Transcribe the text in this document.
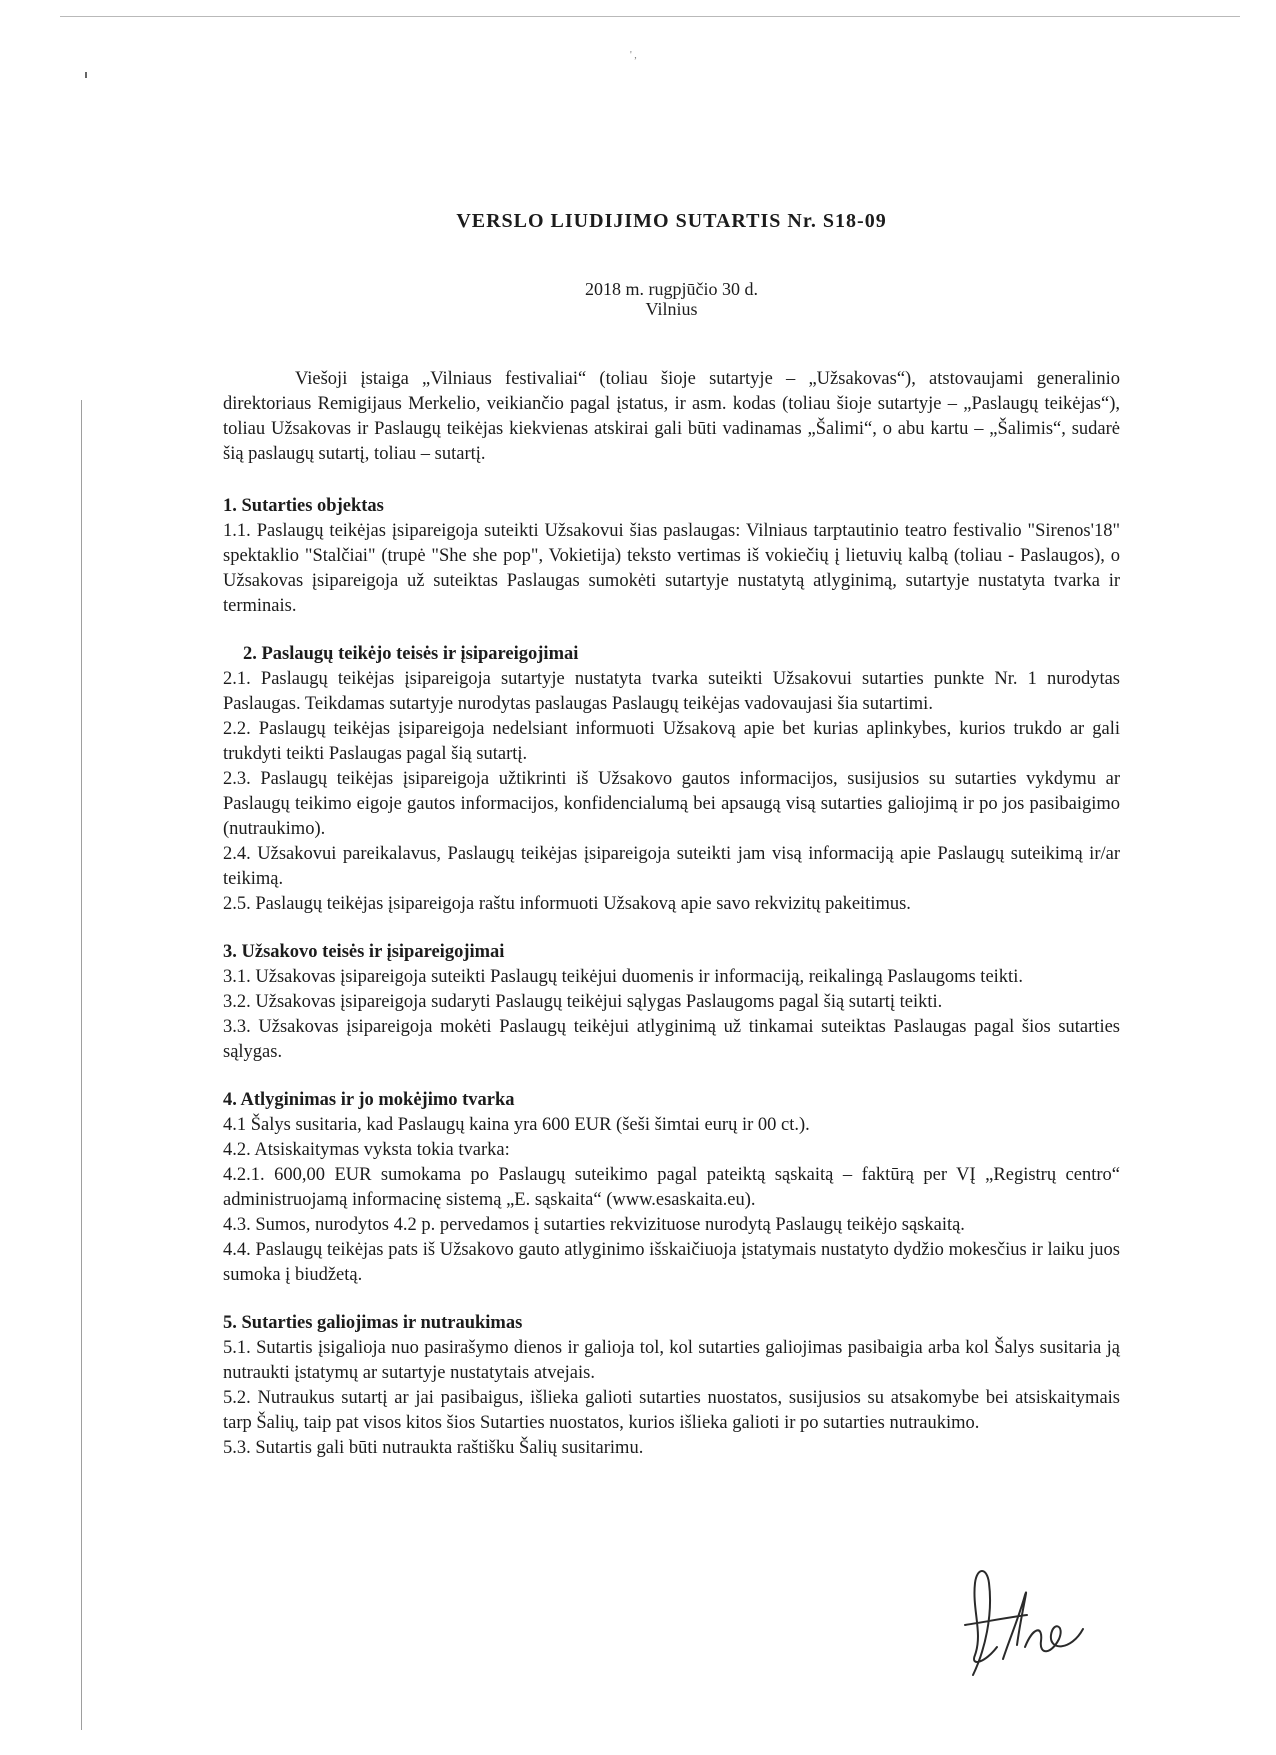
' ,
VERSLO LIUDIJIMO SUTARTIS Nr. S18-09
2018 m. rugpjūčio 30 d.
Vilnius

Viešoji įstaiga „Vilniaus festivaliai“ (toliau šioje sutartyje – „Užsakovas“), atstovaujami generalinio direktoriaus Remigijaus Merkelio, veikiančio pagal įstatus, ir asm. kodas (toliau šioje sutartyje – „Paslaugų teikėjas“), toliau Užsakovas ir Paslaugų teikėjas kiekvienas atskirai gali būti vadinamas „Šalimi“, o abu kartu – „Šalimis“, sudarė šią paslaugų sutartį, toliau – sutartį.

1. Sutarties objektas

1.1. Paslaugų teikėjas įsipareigoja suteikti Užsakovui šias paslaugas: Vilniaus tarptautinio teatro festivalio "Sirenos'18" spektaklio "Stalčiai" (trupė "She she pop", Vokietija) teksto vertimas iš vokiečių į lietuvių kalbą (toliau - Paslaugos), o Užsakovas įsipareigoja už suteiktas Paslaugas sumokėti sutartyje nustatytą atlyginimą, sutartyje nustatyta tvarka ir terminais.

2. Paslaugų teikėjo teisės ir įsipareigojimai

2.1. Paslaugų teikėjas įsipareigoja sutartyje nustatyta tvarka suteikti Užsakovui sutarties punkte Nr. 1 nurodytas Paslaugas. Teikdamas sutartyje nurodytas paslaugas Paslaugų teikėjas vadovaujasi šia sutartimi.

2.2. Paslaugų teikėjas įsipareigoja nedelsiant informuoti Užsakovą apie bet kurias aplinkybes, kurios trukdo ar gali trukdyti teikti Paslaugas pagal šią sutartį.

2.3. Paslaugų teikėjas įsipareigoja užtikrinti iš Užsakovo gautos informacijos, susijusios su sutarties vykdymu ar Paslaugų teikimo eigoje gautos informacijos, konfidencialumą bei apsaugą visą sutarties galiojimą ir po jos pasibaigimo (nutraukimo).

2.4. Užsakovui pareikalavus, Paslaugų teikėjas įsipareigoja suteikti jam visą informaciją apie Paslaugų suteikimą ir/ar teikimą.

2.5. Paslaugų teikėjas įsipareigoja raštu informuoti Užsakovą apie savo rekvizitų pakeitimus.

3. Užsakovo teisės ir įsipareigojimai

3.1. Užsakovas įsipareigoja suteikti Paslaugų teikėjui duomenis ir informaciją, reikalingą Paslaugoms teikti.

3.2. Užsakovas įsipareigoja sudaryti Paslaugų teikėjui sąlygas Paslaugoms pagal šią sutartį teikti.

3.3. Užsakovas įsipareigoja mokėti Paslaugų teikėjui atlyginimą už tinkamai suteiktas Paslaugas pagal šios sutarties sąlygas.

4. Atlyginimas ir jo mokėjimo tvarka

4.1 Šalys susitaria, kad Paslaugų kaina yra 600 EUR (šeši šimtai eurų ir 00 ct.).

4.2. Atsiskaitymas vyksta tokia tvarka:

4.2.1. 600,00 EUR sumokama po Paslaugų suteikimo pagal pateiktą sąskaitą – faktūrą per VĮ „Registrų centro“ administruojamą informacinę sistemą „E. sąskaita“ (www.esaskaita.eu).

4.3. Sumos, nurodytos 4.2 p. pervedamos į sutarties rekvizituose nurodytą Paslaugų teikėjo sąskaitą.

4.4. Paslaugų teikėjas pats iš Užsakovo gauto atlyginimo išskaičiuoja įstatymais nustatyto dydžio mokesčius ir laiku juos sumoka į biudžetą.

5. Sutarties galiojimas ir nutraukimas

5.1. Sutartis įsigalioja nuo pasirašymo dienos ir galioja tol, kol sutarties galiojimas pasibaigia arba kol Šalys susitaria ją nutraukti įstatymų ar sutartyje nustatytais atvejais.

5.2. Nutraukus sutartį ar jai pasibaigus, išlieka galioti sutarties nuostatos, susijusios su atsakomybe bei atsiskaitymais tarp Šalių, taip pat visos kitos šios Sutarties nuostatos, kurios išlieka galioti ir po sutarties nutraukimo.

5.3. Sutartis gali būti nutraukta raštišku Šalių susitarimu.
